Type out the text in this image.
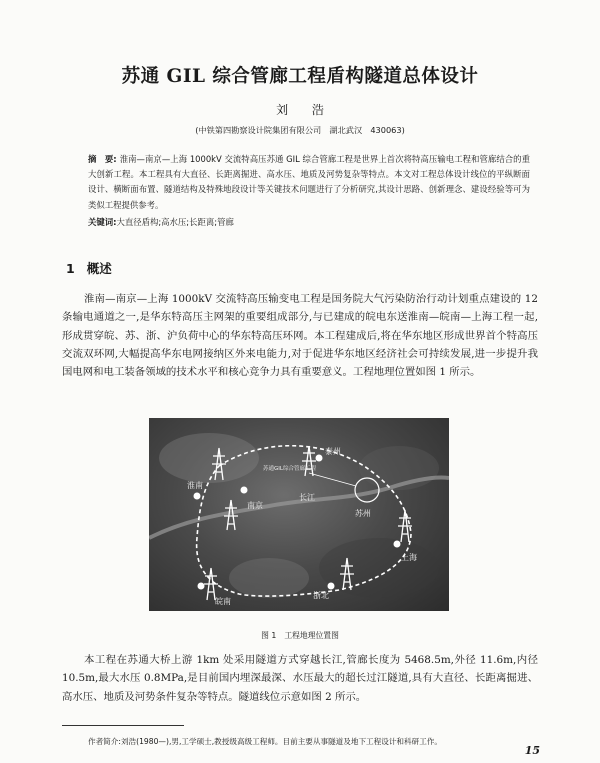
苏通 GIL 综合管廊工程盾构隧道总体设计
刘 浩
(中铁第四勘察设计院集团有限公司　湖北武汉　430063)
摘　要: 淮南—南京—上海 1000kV 交流特高压苏通 GIL 综合管廊工程是世界上首次将特高压输电工程和管廊结合的重大创新工程。本工程具有大直径、长距离掘进、高水压、地质及河势复杂等特点。本文对工程总体设计线位的平纵断面设计、横断面布置、隧道结构及特殊地段设计等关键技术问题进行了分析研究,其设计思路、创新理念、建设经验等可为类似工程提供参考。
关键词:大直径盾构;高水压;长距离;管廊
1 概述
淮南—南京—上海 1000kV 交流特高压输变电工程是国务院大气污染防治行动计划重点建设的 12 条输电通道之一,是华东特高压主网架的重要组成部分,与已建成的皖电东送淮南—皖南—上海工程一起,形成贯穿皖、苏、浙、沪负荷中心的华东特高压环网。本工程建成后,将在华东地区形成世界首个特高压交流双环网,大幅提高华东电网接纳区外来电能力,对于促进华东地区经济社会可持续发展,进一步提升我国电网和电工装备领域的技术水平和核心竞争力具有重要意义。工程地理位置如图 1 所示。
淮南
泰州
南京
苏通GIL综合管廊工程
长江
苏州
上海
浙北
皖南
图 1 工程地理位置图
本工程在苏通大桥上游 1km 处采用隧道方式穿越长江,管廊长度为 5468.5m,外径 11.6m,内径 10.5m,最大水压 0.8MPa,是目前国内埋深最深、水压最大的超长过江隧道,具有大直径、长距离掘进、高水压、地质及河势条件复杂等特点。隧道线位示意如图 2 所示。
作者简介:刘浩(1980—),男,工学硕士,教授级高级工程师。目前主要从事隧道及地下工程设计和科研工作。
15
